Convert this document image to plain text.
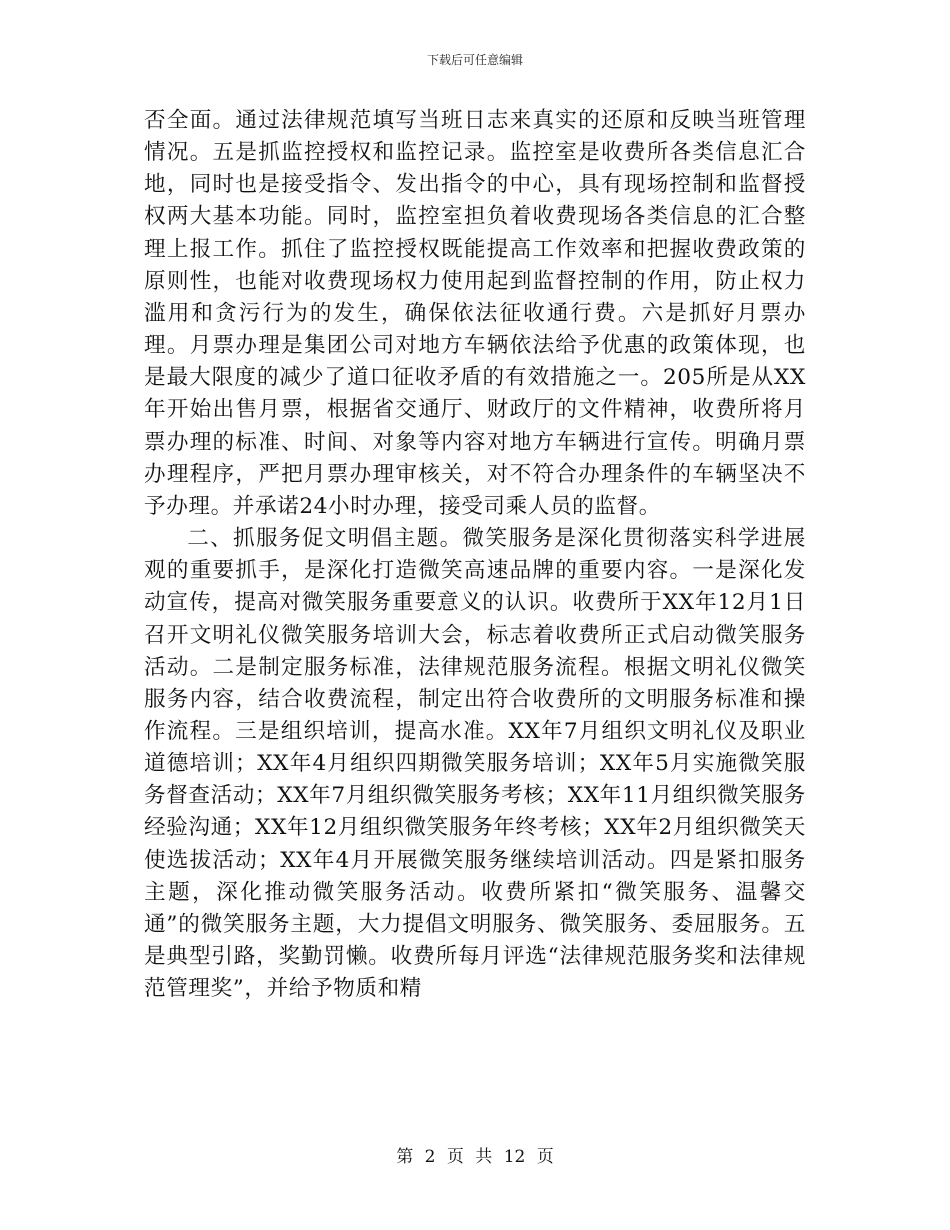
下载后可任意编辑

否全面。通过法律规范填写当班日志来真实的还原和反映当班管理情况。五是抓监控授权和监控记录。监控室是收费所各类信息汇合地，同时也是接受指令、发出指令的中心，具有现场控制和监督授权两大基本功能。同时，监控室担负着收费现场各类信息的汇合整理上报工作。抓住了监控授权既能提高工作效率和把握收费政策的原则性，也能对收费现场权力使用起到监督控制的作用，防止权力滥用和贪污行为的发生，确保依法征收通行费。六是抓好月票办理。月票办理是集团公司对地方车辆依法给予优惠的政策体现，也是最大限度的减少了道口征收矛盾的有效措施之一。205所是从XX年开始出售月票，根据省交通厅、财政厅的文件精神，收费所将月票办理的标准、时间、对象等内容对地方车辆进行宣传。明确月票办理程序，严把月票办理审核关，对不符合办理条件的车辆坚决不予办理。并承诺24小时办理，接受司乘人员的监督。

二、抓服务促文明倡主题。微笑服务是深化贯彻落实科学进展观的重要抓手，是深化打造微笑高速品牌的重要内容。一是深化发动宣传，提高对微笑服务重要意义的认识。收费所于XX年12月1日召开文明礼仪微笑服务培训大会，标志着收费所正式启动微笑服务活动。二是制定服务标准，法律规范服务流程。根据文明礼仪微笑服务内容，结合收费流程，制定出符合收费所的文明服务标准和操作流程。三是组织培训，提高水准。XX年7月组织文明礼仪及职业道德培训；XX年4月组织四期微笑服务培训；XX年5月实施微笑服务督查活动；XX年7月组织微笑服务考核；XX年11月组织微笑服务经验沟通；XX年12月组织微笑服务年终考核；XX年2月组织微笑天使选拔活动；XX年4月开展微笑服务继续培训活动。四是紧扣服务主题，深化推动微笑服务活动。收费所紧扣“微笑服务、温馨交通”的微笑服务主题，大力提倡文明服务、微笑服务、委屈服务。五是典型引路，奖勤罚懒。收费所每月评选“法律规范服务奖和法律规范管理奖”，并给予物质和精

第 2 页 共 12 页
